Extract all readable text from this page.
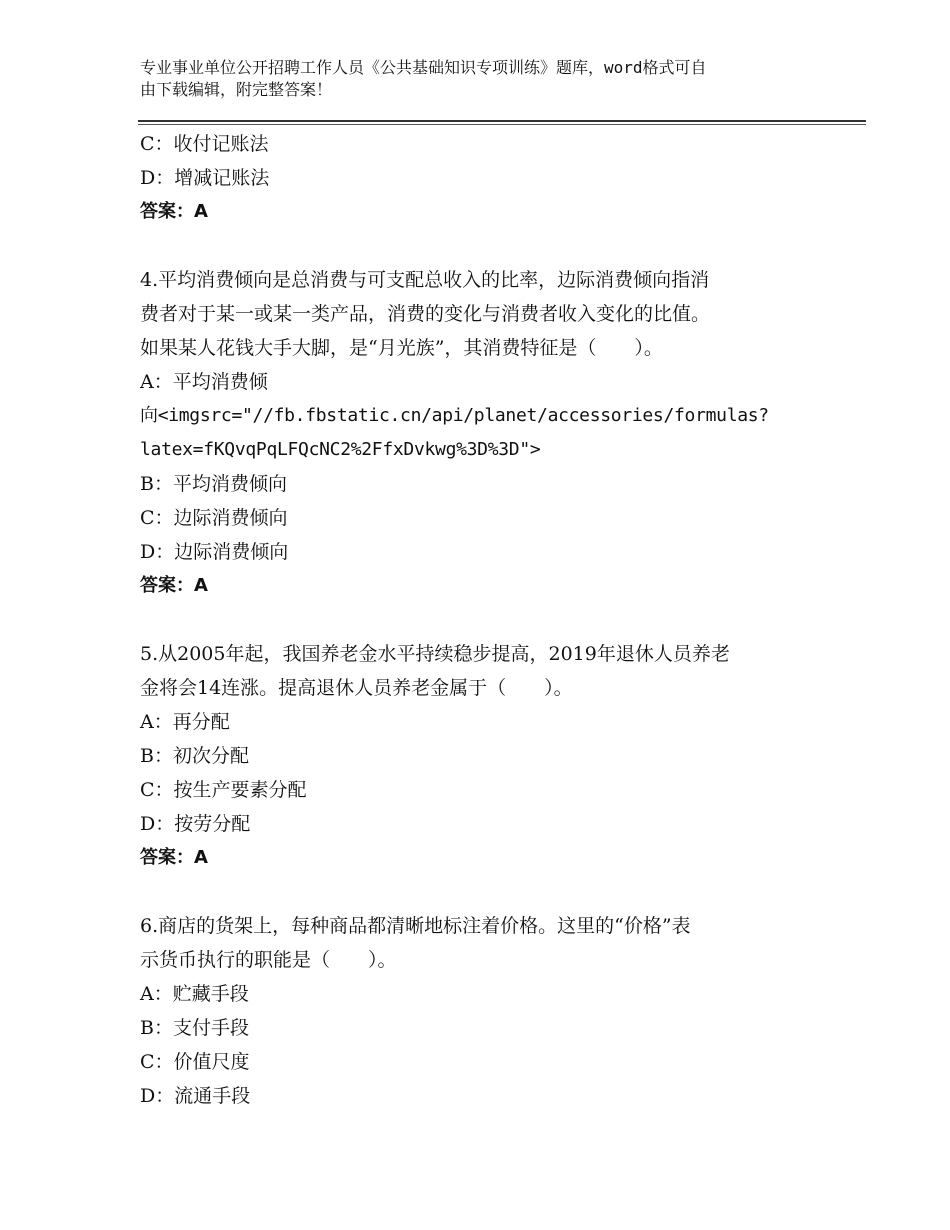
专业事业单位公开招聘工作人员《公共基础知识专项训练》题库，word格式可自
由下载编辑，附完整答案！

C：收付记账法

D：增减记账法

答案：A

4.平均消费倾向是总消费与可支配总收入的比率，边际消费倾向指消

费者对于某一或某一类产品，消费的变化与消费者收入变化的比值。

如果某人花钱大手大脚，是“月光族”，其消费特征是（　　）。

A：平均消费倾

向<imgsrc="//fb.fbstatic.cn/api/planet/accessories/formulas?

latex=fKQvqPqLFQcNC2%2FfxDvkwg%3D%3D">

B：平均消费倾向

C：边际消费倾向

D：边际消费倾向

答案：A

5.从2005年起，我国养老金水平持续稳步提高，2019年退休人员养老

金将会14连涨。提高退休人员养老金属于（　　）。

A：再分配

B：初次分配

C：按生产要素分配

D：按劳分配

答案：A

6.商店的货架上，每种商品都清晰地标注着价格。这里的“价格”表

示货币执行的职能是（　　）。

A：贮藏手段

B：支付手段

C：价值尺度

D：流通手段
